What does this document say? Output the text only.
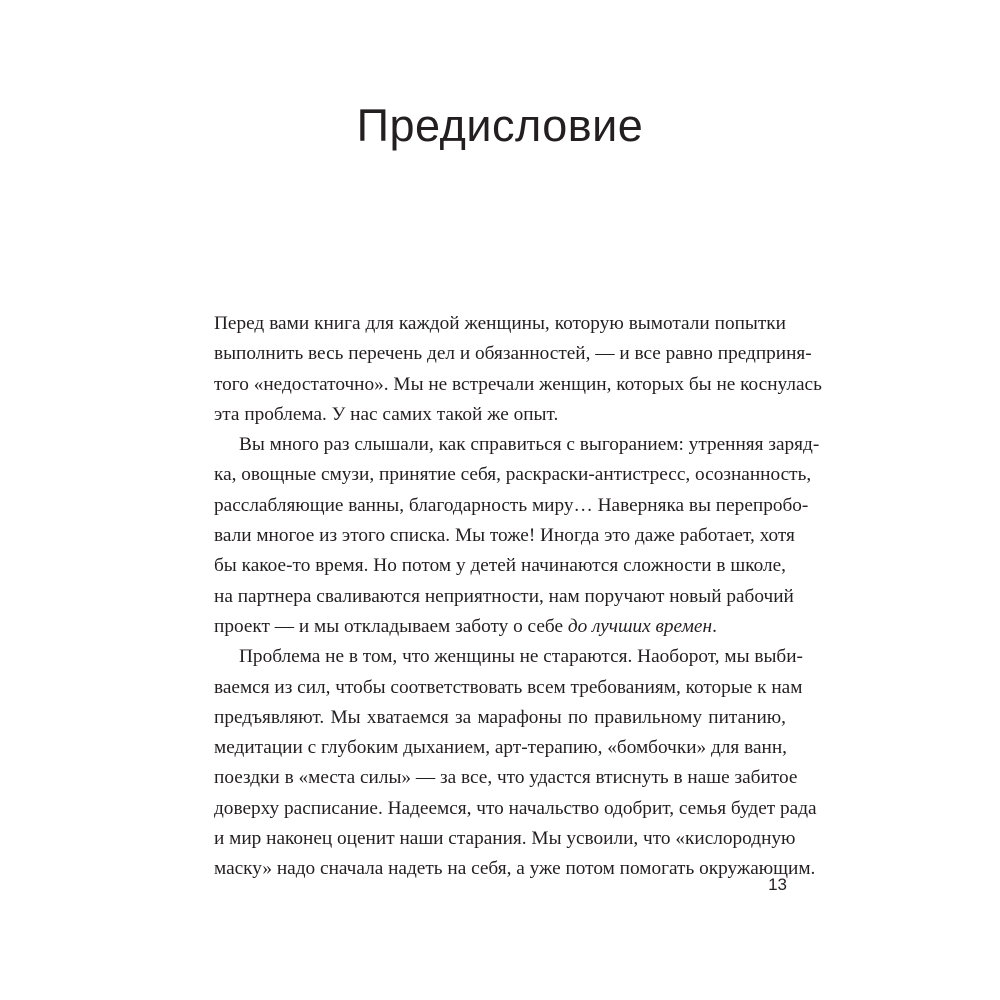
Предисловие
Перед вами книга для каждой женщины, которую вымотали попытки
выполнить весь перечень дел и обязанностей, — и все равно предприня-
того «недостаточно». Мы не встречали женщин, которых бы не коснулась
эта проблема. У нас самих такой же опыт.
Вы много раз слышали, как справиться с выгоранием: утренняя заряд-
ка, овощные смузи, принятие себя, раскраски-антистресс, осознанность,
расслабляющие ванны, благодарность миру… Наверняка вы перепробо-
вали многое из этого списка. Мы тоже! Иногда это даже работает, хотя
бы какое-то время. Но потом у детей начинаются сложности в школе,
на партнера сваливаются неприятности, нам поручают новый рабочий
проект — и мы откладываем заботу о себе до лучших времен.
Проблема не в том, что женщины не стараются. Наоборот, мы выби-
ваемся из сил, чтобы соответствовать всем требованиям, которые к нам
предъявляют. Мы хватаемся за марафоны по правильному питанию,
медитации с глубоким дыханием, арт-терапию, «бомбочки» для ванн,
поездки в «места силы» — за все, что удастся втиснуть в наше забитое
доверху расписание. Надеемся, что начальство одобрит, семья будет рада
и мир наконец оценит наши старания. Мы усвоили, что «кислородную
маску» надо сначала надеть на себя, а уже потом помогать окружающим.
13
